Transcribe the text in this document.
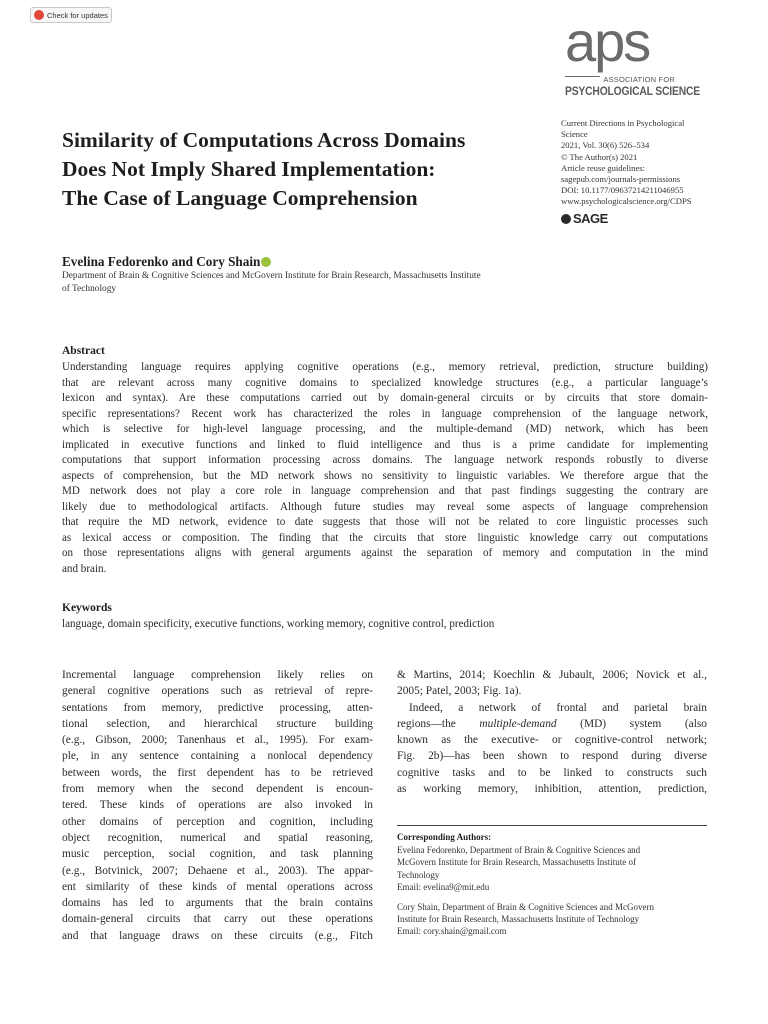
Check for updates	aps
ASSOCIATION FOR
PSYCHOLOGICAL SCIENCE
Similarity of Computations Across Domains
Does Not Imply Shared Implementation:
The Case of Language Comprehension
Current Directions in Psychological
Science
2021, Vol. 30(6) 526–534
© The Author(s) 2021
Article reuse guidelines:
sagepub.com/journals-permissions
DOI: 10.1177/09637214211046955
www.psychologicalscience.org/CDPS
SAGE
Evelina Fedorenko and Cory Shain
Department of Brain & Cognitive Sciences and McGovern Institute for Brain Research, Massachusetts Institute
of Technology
Abstract
Understanding language requires applying cognitive operations (e.g., memory retrieval, prediction, structure building)
that are relevant across many cognitive domains to specialized knowledge structures (e.g., a particular language’s
lexicon and syntax). Are these computations carried out by domain-general circuits or by circuits that store domain-
specific representations? Recent work has characterized the roles in language comprehension of the language network,
which is selective for high-level language processing, and the multiple-demand (MD) network, which has been
implicated in executive functions and linked to fluid intelligence and thus is a prime candidate for implementing
computations that support information processing across domains. The language network responds robustly to diverse
aspects of comprehension, but the MD network shows no sensitivity to linguistic variables. We therefore argue that the
MD network does not play a core role in language comprehension and that past findings suggesting the contrary are
likely due to methodological artifacts. Although future studies may reveal some aspects of language comprehension
that require the MD network, evidence to date suggests that those will not be related to core linguistic processes such
as lexical access or composition. The finding that the circuits that store linguistic knowledge carry out computations
on those representations aligns with general arguments against the separation of memory and computation in the mind
and brain.
Keywords
language, domain specificity, executive functions, working memory, cognitive control, prediction
Incremental language comprehension likely relies on
general cognitive operations such as retrieval of repre-
sentations from memory, predictive processing, atten-
tional selection, and hierarchical structure building
(e.g., Gibson, 2000; Tanenhaus et al., 1995). For exam-
ple, in any sentence containing a nonlocal dependency
between words, the first dependent has to be retrieved
from memory when the second dependent is encoun-
tered. These kinds of operations are also invoked in
other domains of perception and cognition, including
object recognition, numerical and spatial reasoning,
music perception, social cognition, and task planning
(e.g., Botvinick, 2007; Dehaene et al., 2003). The appar-
ent similarity of these kinds of mental operations across
domains has led to arguments that the brain contains
domain-general circuits that carry out these operations
and that language draws on these circuits (e.g., Fitch
& Martins, 2014; Koechlin & Jubault, 2006; Novick et al.,
2005; Patel, 2003; Fig. 1a).
Indeed, a network of frontal and parietal brain
regions—the multiple-demand (MD) system (also
known as the executive- or cognitive-control network;
Fig. 2b)—has been shown to respond during diverse
cognitive tasks and to be linked to constructs such
as working memory, inhibition, attention, prediction,
Corresponding Authors:
Evelina Fedorenko, Department of Brain & Cognitive Sciences and
McGovern Institute for Brain Research, Massachusetts Institute of
Technology
Email: evelina9@mit.edu
Cory Shain, Department of Brain & Cognitive Sciences and McGovern
Institute for Brain Research, Massachusetts Institute of Technology
Email: cory.shain@gmail.com
